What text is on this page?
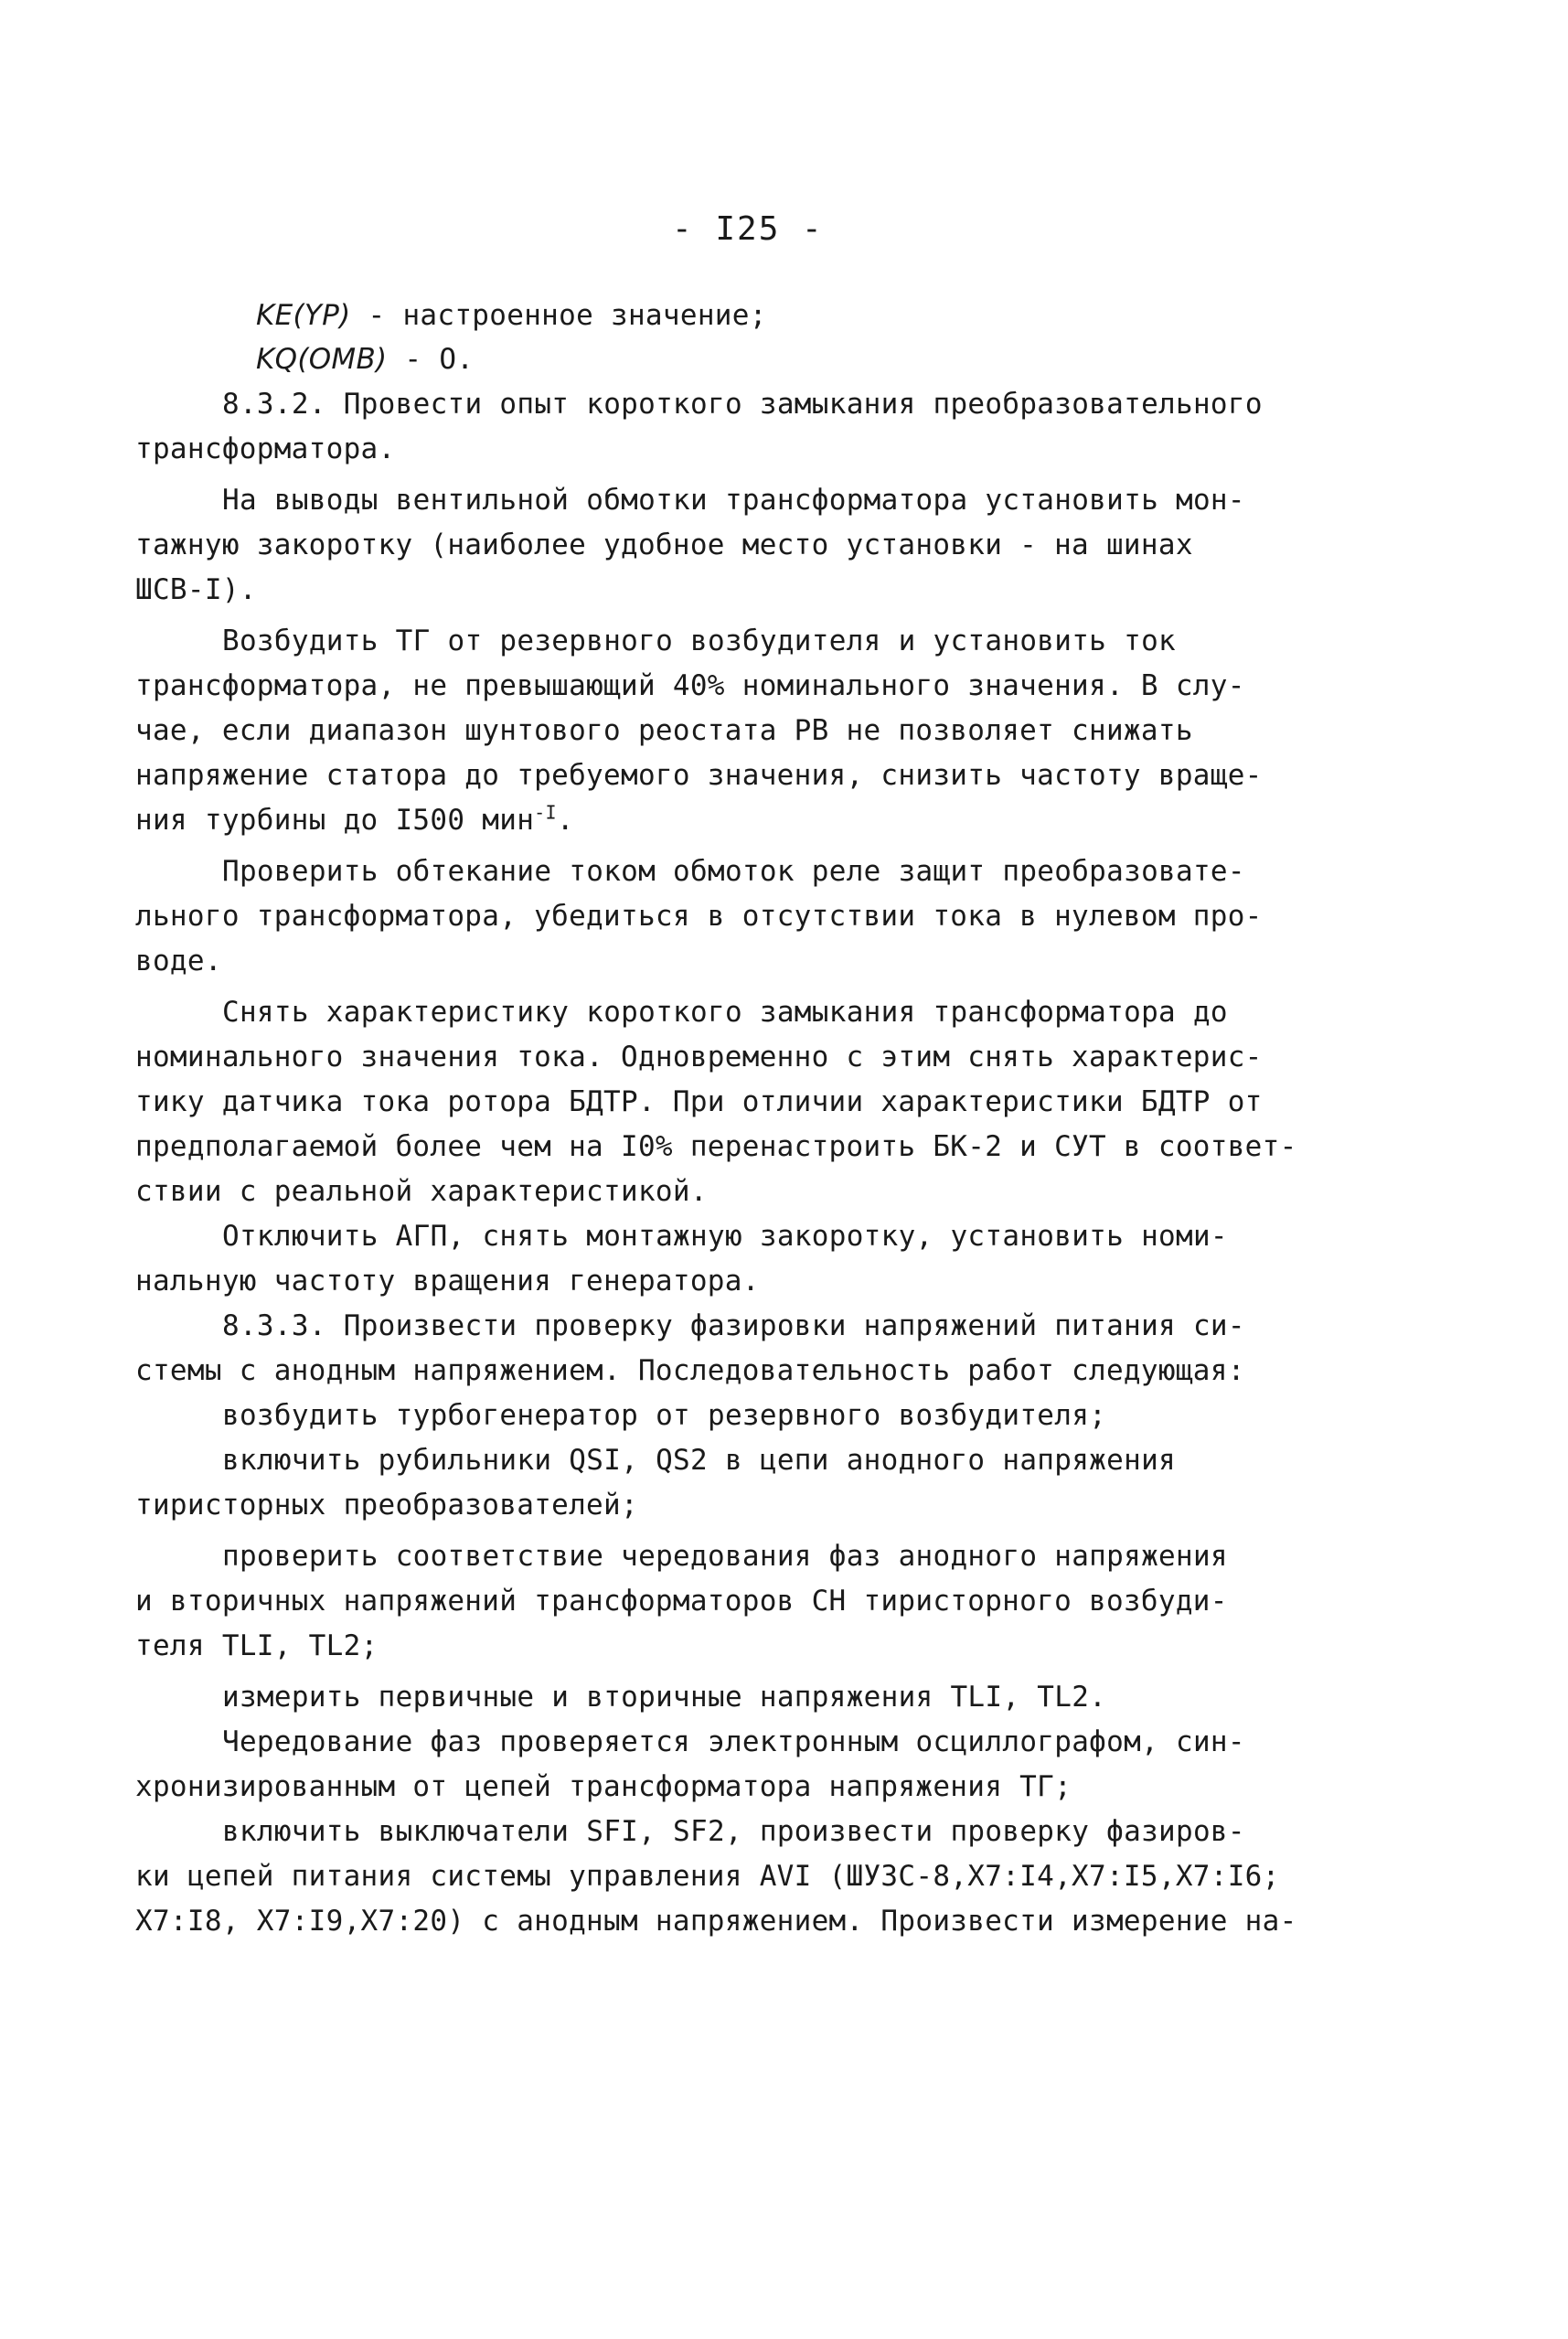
- I25 -
KE(YP) - настроенное значение;
KQ(OMB) - O.
8.3.2. Провести опыт короткого замыкания преобразовательного
трансформатора.
На выводы вентильной обмотки трансформатора установить мон-
тажную закоротку (наиболее удобное место установки - на шинах
ШСВ-I).
Возбудить ТГ от резервного возбудителя и установить ток
трансформатора, не превышающий 40% номинального значения. В слу-
чае, если диапазон шунтового реостата РВ не позволяет снижать
напряжение статора до требуемого значения, снизить частоту враще-
ния турбины до I500 мин$^{-I}$.
Проверить обтекание током обмоток реле защит преобразовате-
льного трансформатора, убедиться в отсутствии тока в нулевом про-
воде.
Снять характеристику короткого замыкания трансформатора до
номинального значения тока. Одновременно с этим снять характерис-
тику датчика тока ротора БДТР. При отличии характеристики БДТР от
предполагаемой более чем на I0% перенастроить БК-2 и СУТ в соответ-
ствии с реальной характеристикой.
Отключить АГП, снять монтажную закоротку, установить номи-
нальную частоту вращения генератора.
8.3.3. Произвести проверку фазировки напряжений питания си-
стемы с анодным напряжением. Последовательность работ следующая:
возбудить турбогенератор от резервного возбудителя;
включить рубильники QSI, QS2 в цепи анодного напряжения
тиристорных преобразователей;
проверить соответствие чередования фаз анодного напряжения
и вторичных напряжений трансформаторов СН тиристорного возбуди-
теля TLI, TL2;
измерить первичные и вторичные напряжения TLI, TL2.
Чередование фаз проверяется электронным осциллографом, син-
хронизированным от цепей трансформатора напряжения ТГ;
включить выключатели SFI, SF2, произвести проверку фазиров-
ки цепей питания системы управления AVI (ШУЗС-8,X7:I4,X7:I5,X7:I6;
X7:I8, X7:I9,X7:20) с анодным напряжением. Произвести измерение на-
